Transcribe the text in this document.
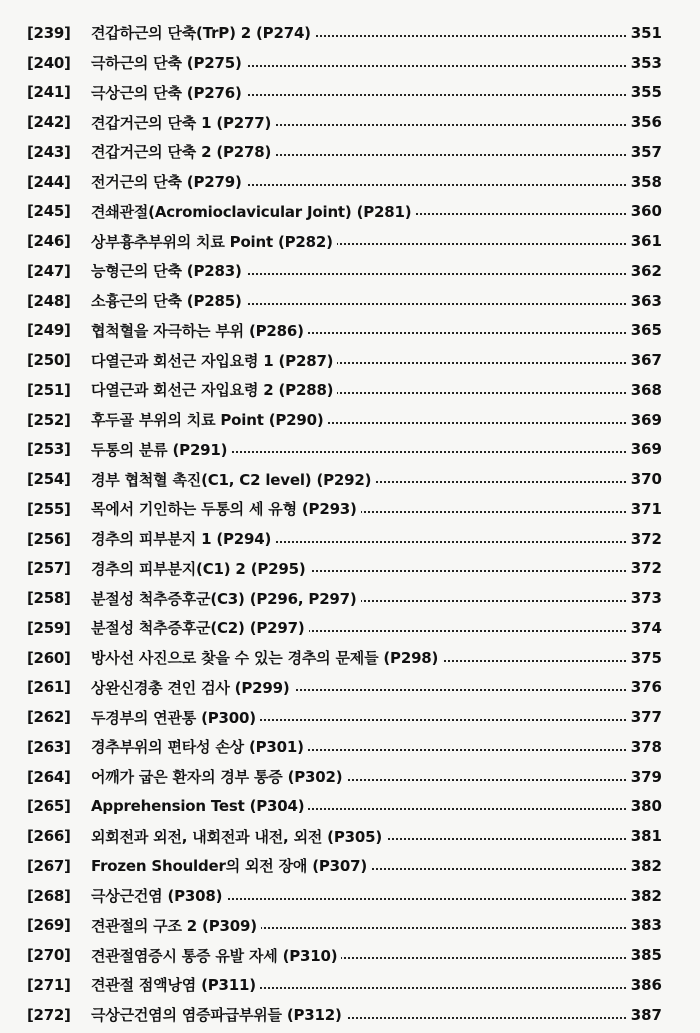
[239] 견갑하근의 단축(TrP) 2 (P274)	351
[240] 극하근의 단축 (P275)	353
[241] 극상근의 단축 (P276)	355
[242] 견갑거근의 단축 1 (P277)	356
[243] 견갑거근의 단축 2 (P278)	357
[244] 전거근의 단축 (P279)	358
[245] 견쇄관절(Acromioclavicular Joint) (P281)	360
[246] 상부흉추부위의 치료 Point (P282)	361
[247] 능형근의 단축 (P283)	362
[248] 소흉근의 단축 (P285)	363
[249] 협척혈을 자극하는 부위 (P286)	365
[250] 다열근과 회선근 자입요령 1 (P287)	367
[251] 다열근과 회선근 자입요령 2 (P288)	368
[252] 후두골 부위의 치료 Point (P290)	369
[253] 두통의 분류 (P291)	369
[254] 경부 협척혈 촉진(C1, C2 level) (P292)	370
[255] 목에서 기인하는 두통의 세 유형 (P293)	371
[256] 경추의 피부분지 1 (P294)	372
[257] 경추의 피부분지(C1) 2 (P295)	372
[258] 분절성 척추증후군(C3) (P296, P297)	373
[259] 분절성 척추증후군(C2) (P297)	374
[260] 방사선 사진으로 찾을 수 있는 경추의 문제들 (P298)	375
[261] 상완신경총 견인 검사 (P299)	376
[262] 두경부의 연관통 (P300)	377
[263] 경추부위의 편타성 손상 (P301)	378
[264] 어깨가 굽은 환자의 경부 통증 (P302)	379
[265] Apprehension Test (P304)	380
[266] 외회전과 외전, 내회전과 내전, 외전 (P305)	381
[267] Frozen Shoulder의 외전 장애 (P307)	382
[268] 극상근건염 (P308)	382
[269] 견관절의 구조 2 (P309)	383
[270] 견관절염증시 통증 유발 자세 (P310)	385
[271] 견관절 점액낭염 (P311)	386
[272] 극상근건염의 염증파급부위들 (P312)	387
